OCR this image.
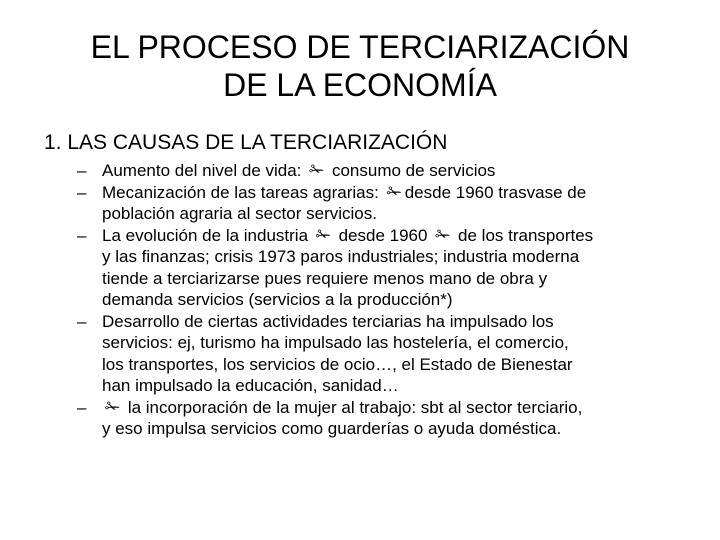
EL PROCESO DE TERCIARIZACIÓN
DE LA ECONOMÍA
1. LAS CAUSAS DE LA TERCIARIZACIÓN
– Aumento del nivel de vida: ✁ consumo de servicios
– Mecanización de las tareas agrarias: ✁ desde 1960 trasvase de
población agraria al sector servicios.
– La evolución de la industria ✁ desde 1960 ✁ de los transportes
y las finanzas; crisis 1973 paros industriales; industria moderna
tiende a terciarizarse pues requiere menos mano de obra y
demanda servicios (servicios a la producción*)
– Desarrollo de ciertas actividades terciarias ha impulsado los
servicios: ej, turismo ha impulsado las hostelería, el comercio,
los transportes, los servicios de ocio…, el Estado de Bienestar
han impulsado la educación, sanidad…
– ✁ la incorporación de la mujer al trabajo: sbt al sector terciario,
y eso impulsa servicios como guarderías o ayuda doméstica.
